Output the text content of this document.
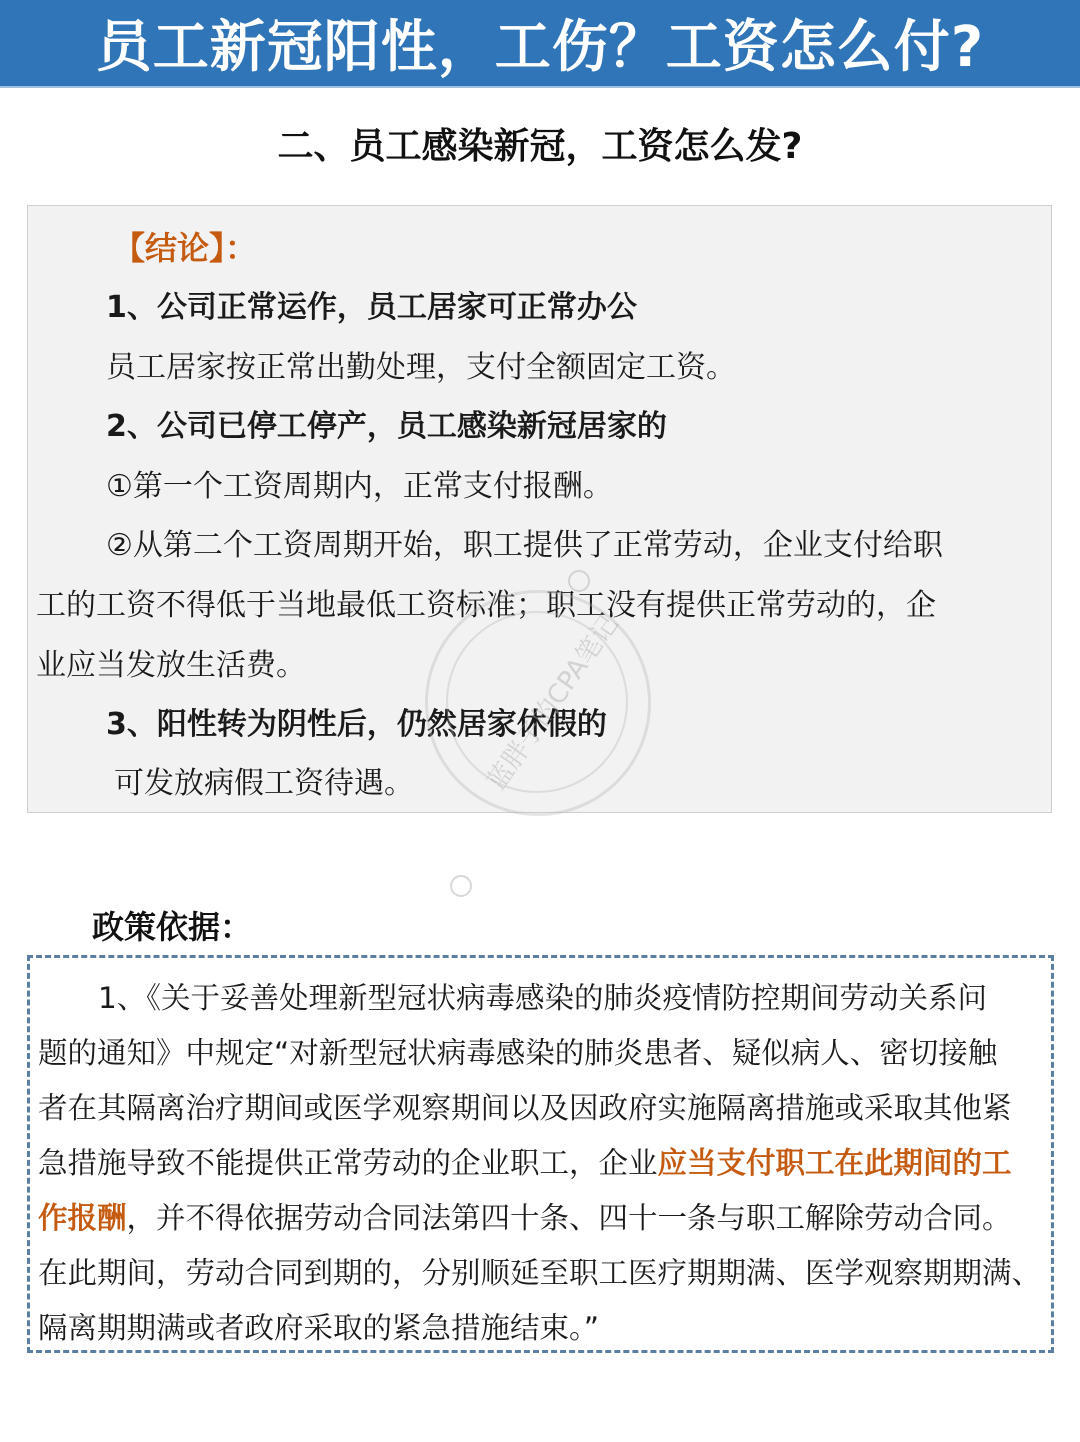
员工新冠阳性，工伤？工资怎么付?
二、员工感染新冠，工资怎么发?
【结论】：
1、公司正常运作，员工居家可正常办公
员工居家按正常出勤处理，支付全额固定工资。
2、公司已停工停产，员工感染新冠居家的
①第一个工资周期内，正常支付报酬。
②从第二个工资周期开始，职工提供了正常劳动，企业支付给职
工的工资不得低于当地最低工资标准；职工没有提供正常劳动的，企
业应当发放生活费。
3、阳性转为阴性后，仍然居家休假的
可发放病假工资待遇。	蓝胖子的CPA笔记
政策依据：
1、《关于妥善处理新型冠状病毒感染的肺炎疫情防控期间劳动关系问
题的通知》中规定“对新型冠状病毒感染的肺炎患者、疑似病人、密切接触
者在其隔离治疗期间或医学观察期间以及因政府实施隔离措施或采取其他紧
急措施导致不能提供正常劳动的企业职工，企业应当支付职工在此期间的工
作报酬，并不得依据劳动合同法第四十条、四十一条与职工解除劳动合同。
在此期间，劳动合同到期的，分别顺延至职工医疗期期满、医学观察期期满、
隔离期期满或者政府采取的紧急措施结束。”
